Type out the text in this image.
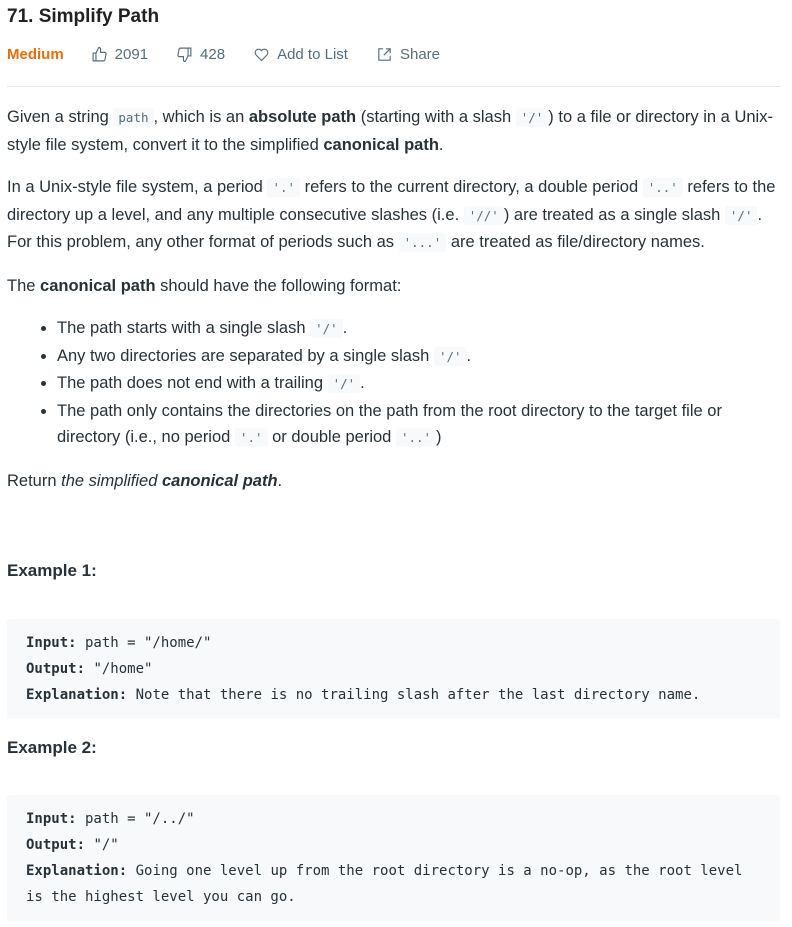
71. Simplify Path
Medium	2091	428	Add to List	Share

Given a string path , which is an absolute path (starting with a slash '/' ) to a file or directory in a Unix-style file system, convert it to the simplified canonical path.

In a Unix-style file system, a period '.' refers to the current directory, a double period '..' refers to the directory up a level, and any multiple consecutive slashes (i.e. '//' ) are treated as a single slash '/' . For this problem, any other format of periods such as '...' are treated as file/directory names.

The canonical path should have the following format:

• The path starts with a single slash '/' .
• Any two directories are separated by a single slash '/' .
• The path does not end with a trailing '/' .
• The path only contains the directories on the path from the root directory to the target file or directory (i.e., no period '.' or double period '..' )

Return the simplified canonical path.

Example 1:

Input: path = "/home/"
Output: "/home"
Explanation: Note that there is no trailing slash after the last directory name.

Example 2:

Input: path = "/../"
Output: "/"
Explanation: Going one level up from the root directory is a no-op, as the root level is the highest level you can go.
